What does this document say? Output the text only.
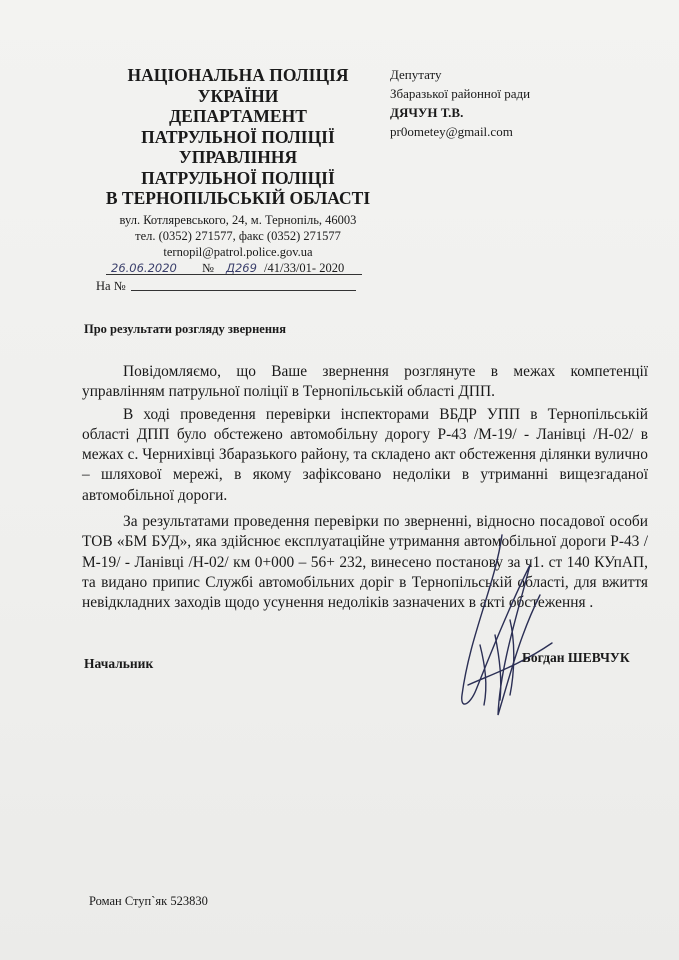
НАЦІОНАЛЬНА ПОЛІЦІЯ
УКРАЇНИ
ДЕПАРТАМЕНТ
ПАТРУЛЬНОЇ ПОЛІЦІЇ
УПРАВЛІННЯ
ПАТРУЛЬНОЇ ПОЛІЦІЇ
В ТЕРНОПІЛЬСЬКІЙ ОБЛАСТІ
вул. Котляревського, 24, м. Тернопіль, 46003
тел. (0352) 271577, факс (0352) 271577
ternopil@patrol.police.gov.ua
26.06.2020 № Д269 /41/33/01- 2020
На №
Депутату
Збаразької районної ради
ДЯЧУН Т.В.
pr0ometey@gmail.com
Про результати розгляду звернення

Повідомляємо, що Ваше звернення розглянуте в межах компетенції управлінням патрульної поліції в Тернопільській області ДПП.

В ході проведення перевірки інспекторами ВБДР УПП в Тернопільській області ДПП було обстежено автомобільну дорогу Р-43 /М-19/ - Ланівці /Н-02/ в межах с. Чернихівці Збаразького району, та складено акт обстеження ділянки вулично – шляхової мережі, в якому зафіксовано недоліки в утриманні вищезгаданої автомобільної дороги.

За результатами проведення перевірки по зверненні, відносно посадової особи ТОВ «БМ БУД», яка здійснює експлуатаційне утримання автомобільної дороги Р-43 /М-19/ - Ланівці /Н-02/ км 0+000 – 56+ 232, винесено постанову за ч1. ст 140 КУпАП, та видано припис Службі автомобільних доріг в Тернопільській області, для вжиття невідкладних заходів щодо усунення недоліків зазначених в акті обстеження .

Начальник	Богдан ШЕВЧУК
Роман Ступ`як 523830
